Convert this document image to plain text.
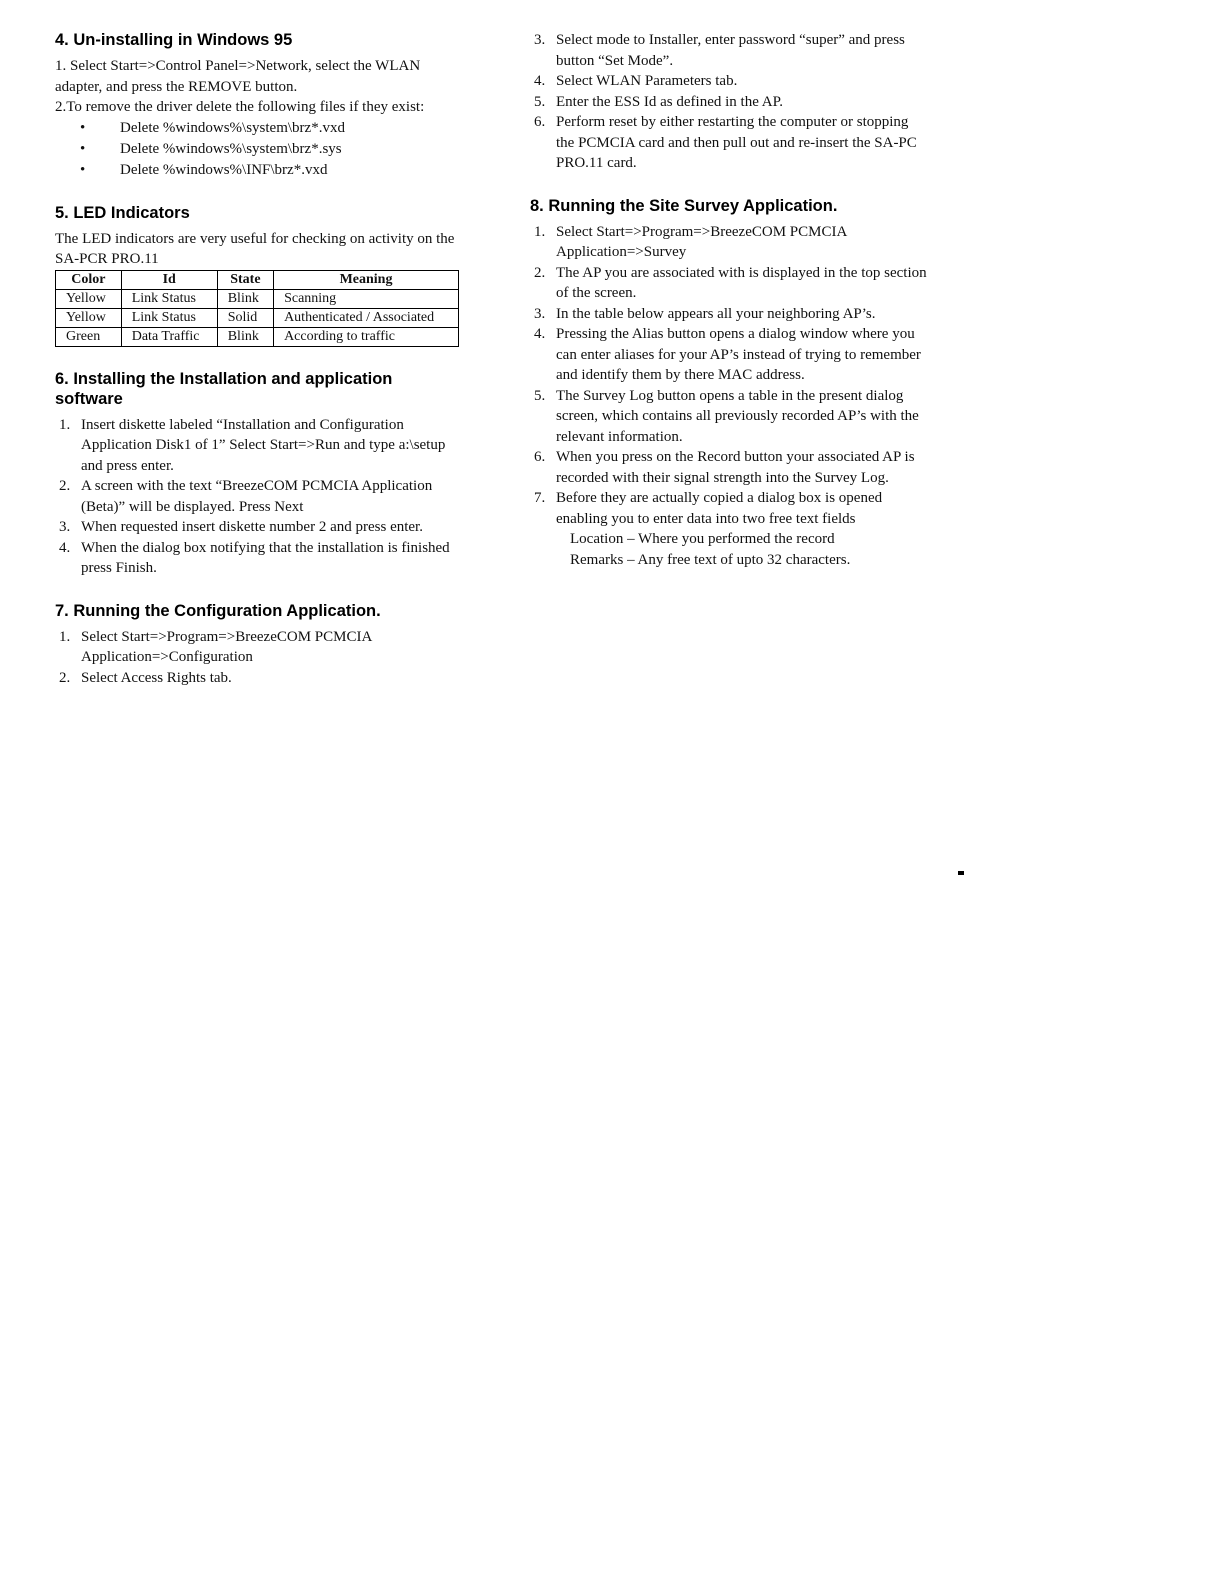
4. Un-installing in Windows 95

1. Select Start=>Control Panel=>Network, select the WLAN adapter, and press the REMOVE button.

2.To remove the driver delete the following files if they exist:

• Delete %windows%\system\brz*.vxd
• Delete %windows%\system\brz*.sys
• Delete %windows%\INF\brz*.vxd
5. LED Indicators

The LED indicators are very useful for checking on activity on the SA-PCR PRO.11

Color	Id	State	Meaning
Yellow	Link Status	Blink	Scanning
Yellow	Link Status	Solid	Authenticated / Associated
Green	Data Traffic	Blink	According to traffic
6. Installing the Installation and application software
1. Insert diskette labeled “Installation and Configuration Application Disk1 of 1” Select Start=>Run and type a:\setup and press enter.
2. A screen with the text “BreezeCOM PCMCIA Application (Beta)” will be displayed. Press Next
3. When requested insert diskette number 2 and press enter.
4. When the dialog box notifying that the installation is finished press Finish.
7. Running the Configuration Application.
1. Select Start=>Program=>BreezeCOM PCMCIA Application=>Configuration
2. Select Access Rights tab.
3. Select mode to Installer, enter password “super” and press button “Set Mode”.
4. Select WLAN Parameters tab.
5. Enter the ESS Id as defined in the AP.
6. Perform reset by either restarting the computer or stopping the PCMCIA card and then pull out and re-insert the SA-PC PRO.11 card.
8. Running the Site Survey Application.
1. Select Start=>Program=>BreezeCOM PCMCIA Application=>Survey
2. The AP you are associated with is displayed in the top section of the screen.
3. In the table below appears all your neighboring AP’s.
4. Pressing the Alias button opens a dialog window where you can enter aliases for your AP’s instead of trying to remember and identify them by there MAC address.
5. The Survey Log button opens a table in the present dialog screen, which contains all previously recorded AP’s with the relevant information.
6. When you press on the Record button your associated AP is recorded with their signal strength into the Survey Log.
7. Before they are actually copied a dialog box is opened enabling you to enter data into two free text fields
Location – Where you performed the record
Remarks – Any free text of upto 32 characters.
